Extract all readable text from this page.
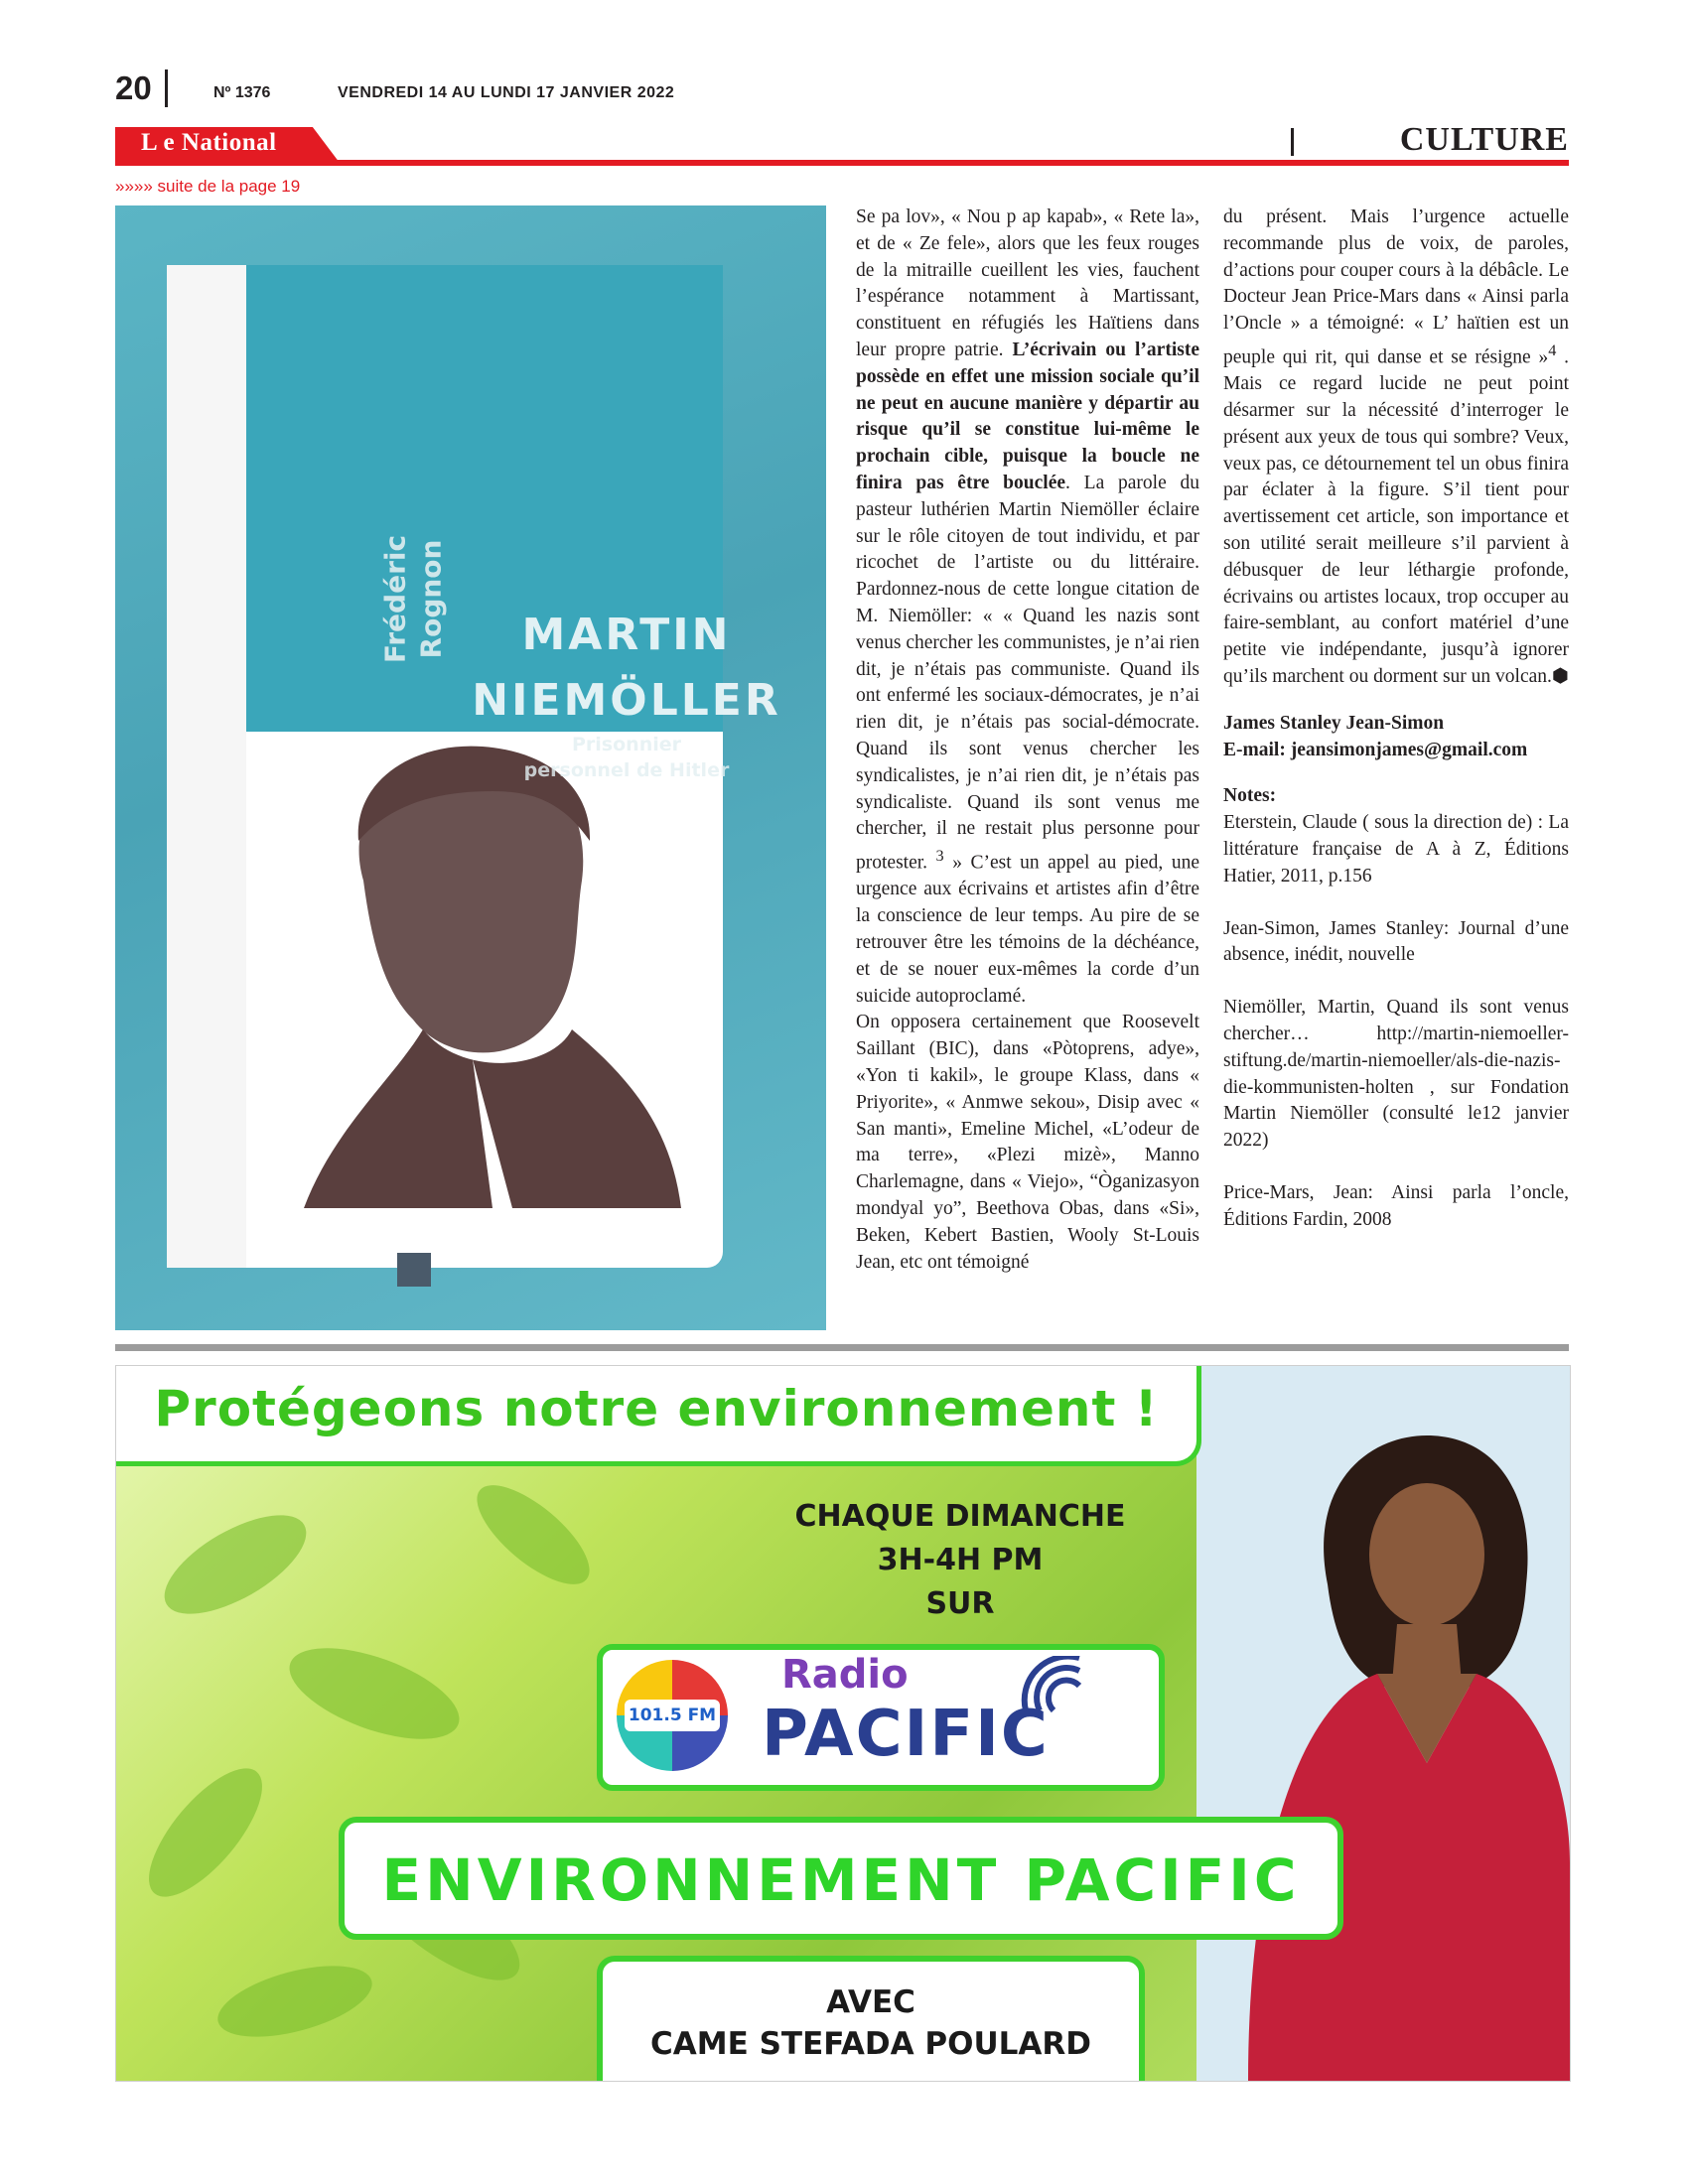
20	Nº 1376	VENDREDI 14 AU LUNDI 17 JANVIER 2022
L e National	CULTURE
»»»» suite de la page 19
Frédéric Rognon	MARTIN
NIEMÖLLER
Prisonnier
personnel de Hitler

Se pa lov», « Nou p ap kapab», « Rete la», et de « Ze fele», alors que les feux rouges de la mitraille cueillent les vies, fauchent l’espérance notamment à Martissant, constituent en réfugiés les Haïtiens dans leur propre patrie. L’écrivain ou l’artiste possède en effet une mission sociale qu’il ne peut en aucune manière y départir au risque qu’il se constitue lui-même le prochain cible, puisque la boucle ne finira pas être bouclée. La parole du pasteur luthérien Martin Niemöller éclaire sur le rôle citoyen de tout individu, et par ricochet de l’artiste ou du littéraire. Pardonnez-nous de cette longue citation de M. Niemöller: « « Quand les nazis sont venus chercher les communistes, je n’ai rien dit, je n’étais pas communiste. Quand ils ont enfermé les sociaux-démocrates, je n’ai rien dit, je n’étais pas social-démocrate. Quand ils sont venus chercher les syndicalistes, je n’ai rien dit, je n’étais pas syndicaliste. Quand ils sont venus me chercher, il ne restait plus personne pour protester. $^3$ » C’est un appel au pied, une urgence aux écrivains et artistes afin d’être la conscience de leur temps. Au pire de se retrouver être les témoins de la déchéance, et de se nouer eux-mêmes la corde d’un suicide autoproclamé.

On opposera certainement que Roosevelt Saillant (BIC), dans «Pòtoprens, adye», «Yon ti kakil», le groupe Klass, dans « Priyorite», « Anmwe sekou», Disip avec « San manti», Emeline Michel, «L’odeur de ma terre», «Plezi mizè», Manno Charlemagne, dans « Viejo», “Òganizasyon mondyal yo”, Beethova Obas, dans «Si», Beken, Kebert Bastien, Wooly St-Louis Jean, etc ont témoigné

du présent. Mais l’urgence actuelle recommande plus de voix, de paroles, d’actions pour couper cours à la débâcle. Le Docteur Jean Price-Mars dans « Ainsi parla l’Oncle » a témoigné: « L’ haïtien est un peuple qui rit, qui danse et se résigne »$^4$ . Mais ce regard lucide ne peut point désarmer sur la nécessité d’interroger le présent aux yeux de tous qui sombre? Veux, veux pas, ce détournement tel un obus finira par éclater à la figure. S’il tient pour avertissement cet article, son importance et son utilité serait meilleure s’il parvient à débusquer de leur léthargie profonde, écrivains ou artistes locaux, trop occuper au faire-semblant, au confort matériel d’une petite vie indépendante, jusqu’à ignorer qu’ils marchent ou dorment sur un volcan.⬢

James Stanley Jean-Simon

E-mail: jeansimonjames@gmail.com

Notes:

Eterstein, Claude ( sous la direction de) : La littérature française de A à Z, Éditions Hatier, 2011, p.156

Jean-Simon, James Stanley: Journal d’une absence, inédit, nouvelle

Niemöller, Martin, Quand ils sont venus chercher… http://martin-niemoeller-stiftung.de/martin-niemoeller/als-die-nazis-die-kommunisten-holten , sur Fondation Martin Niemöller (consulté le12 janvier 2022)

Price-Mars, Jean: Ainsi parla l’oncle, Éditions Fardin, 2008

Protégeons notre environnement !
CHAQUE DIMANCHE
3H-4H PM
SUR
101.5 FM
Radio
PACIFIC
ENVIRONNEMENT PACIFIC
AVEC
CAME STEFADA POULARD
